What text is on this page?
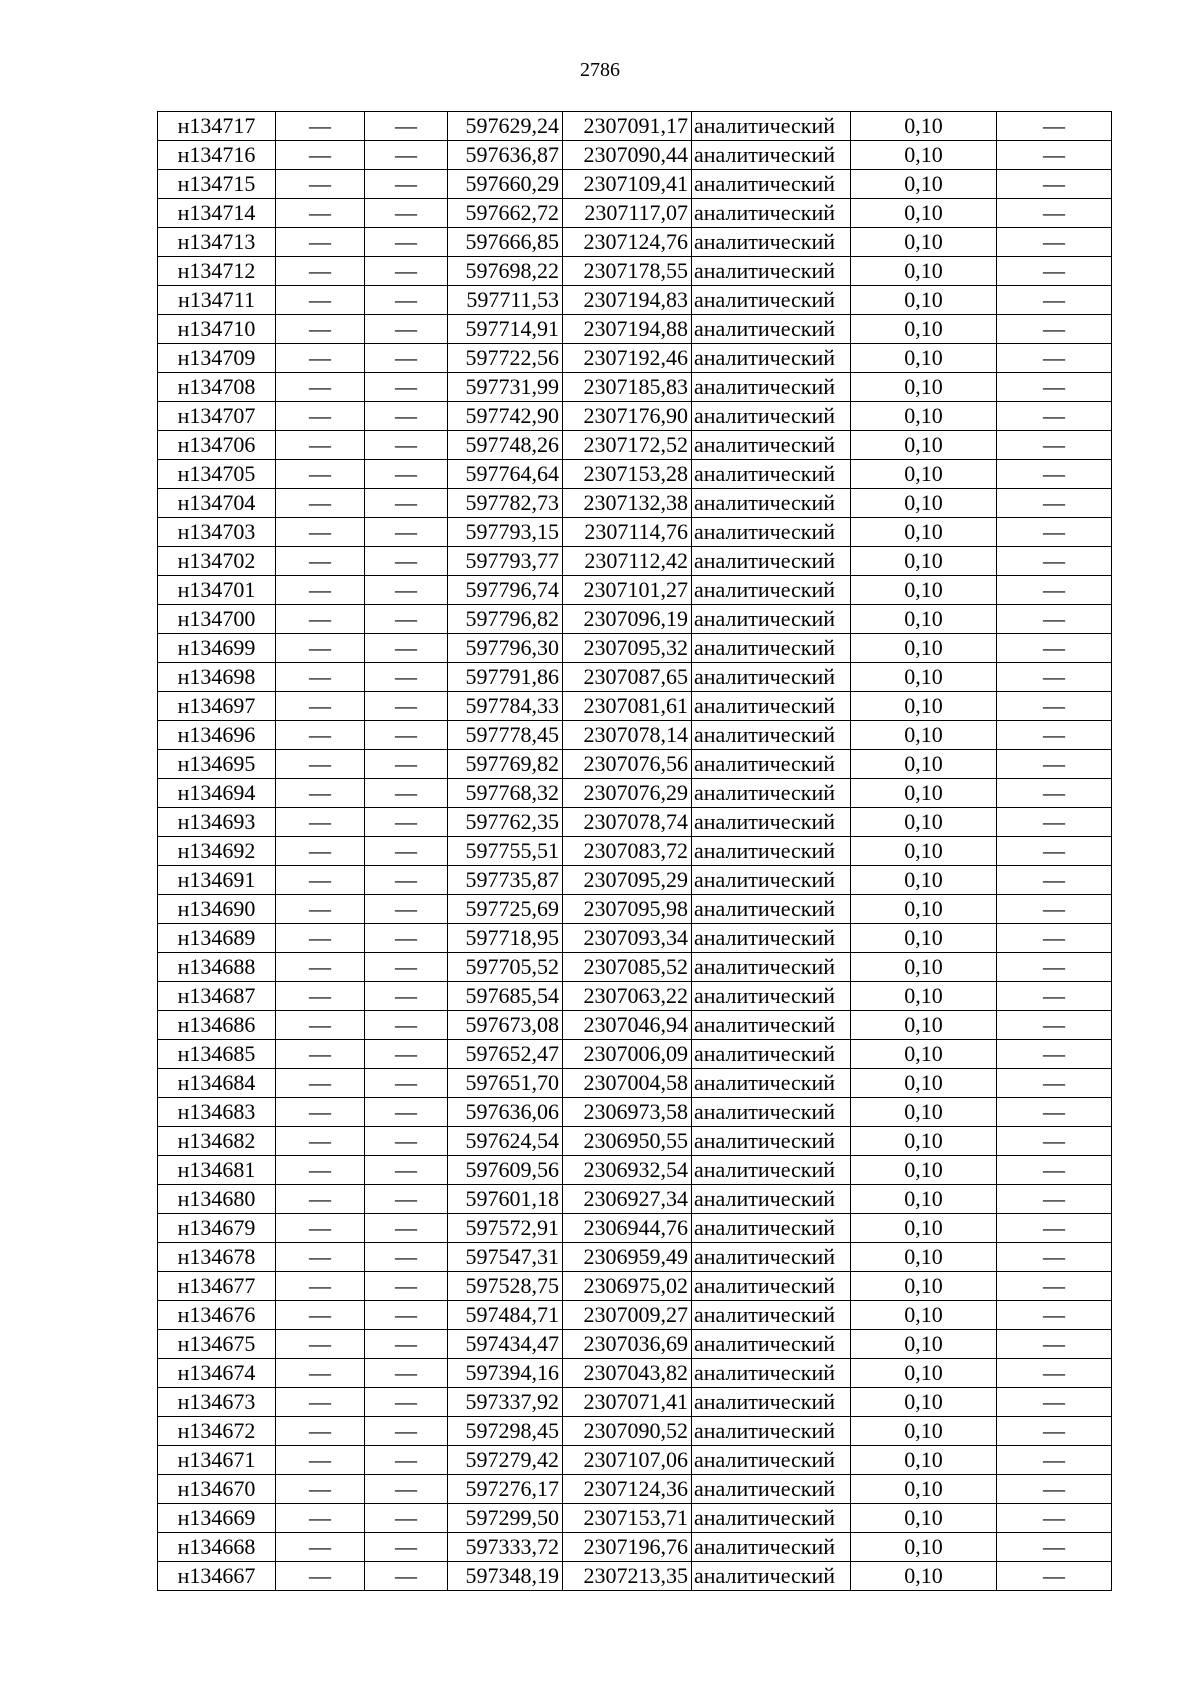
2786
н134717	—	—	597629,24	2307091,17	аналитический	0,10	—
н134716	—	—	597636,87	2307090,44	аналитический	0,10	—
н134715	—	—	597660,29	2307109,41	аналитический	0,10	—
н134714	—	—	597662,72	2307117,07	аналитический	0,10	—
н134713	—	—	597666,85	2307124,76	аналитический	0,10	—
н134712	—	—	597698,22	2307178,55	аналитический	0,10	—
н134711	—	—	597711,53	2307194,83	аналитический	0,10	—
н134710	—	—	597714,91	2307194,88	аналитический	0,10	—
н134709	—	—	597722,56	2307192,46	аналитический	0,10	—
н134708	—	—	597731,99	2307185,83	аналитический	0,10	—
н134707	—	—	597742,90	2307176,90	аналитический	0,10	—
н134706	—	—	597748,26	2307172,52	аналитический	0,10	—
н134705	—	—	597764,64	2307153,28	аналитический	0,10	—
н134704	—	—	597782,73	2307132,38	аналитический	0,10	—
н134703	—	—	597793,15	2307114,76	аналитический	0,10	—
н134702	—	—	597793,77	2307112,42	аналитический	0,10	—
н134701	—	—	597796,74	2307101,27	аналитический	0,10	—
н134700	—	—	597796,82	2307096,19	аналитический	0,10	—
н134699	—	—	597796,30	2307095,32	аналитический	0,10	—
н134698	—	—	597791,86	2307087,65	аналитический	0,10	—
н134697	—	—	597784,33	2307081,61	аналитический	0,10	—
н134696	—	—	597778,45	2307078,14	аналитический	0,10	—
н134695	—	—	597769,82	2307076,56	аналитический	0,10	—
н134694	—	—	597768,32	2307076,29	аналитический	0,10	—
н134693	—	—	597762,35	2307078,74	аналитический	0,10	—
н134692	—	—	597755,51	2307083,72	аналитический	0,10	—
н134691	—	—	597735,87	2307095,29	аналитический	0,10	—
н134690	—	—	597725,69	2307095,98	аналитический	0,10	—
н134689	—	—	597718,95	2307093,34	аналитический	0,10	—
н134688	—	—	597705,52	2307085,52	аналитический	0,10	—
н134687	—	—	597685,54	2307063,22	аналитический	0,10	—
н134686	—	—	597673,08	2307046,94	аналитический	0,10	—
н134685	—	—	597652,47	2307006,09	аналитический	0,10	—
н134684	—	—	597651,70	2307004,58	аналитический	0,10	—
н134683	—	—	597636,06	2306973,58	аналитический	0,10	—
н134682	—	—	597624,54	2306950,55	аналитический	0,10	—
н134681	—	—	597609,56	2306932,54	аналитический	0,10	—
н134680	—	—	597601,18	2306927,34	аналитический	0,10	—
н134679	—	—	597572,91	2306944,76	аналитический	0,10	—
н134678	—	—	597547,31	2306959,49	аналитический	0,10	—
н134677	—	—	597528,75	2306975,02	аналитический	0,10	—
н134676	—	—	597484,71	2307009,27	аналитический	0,10	—
н134675	—	—	597434,47	2307036,69	аналитический	0,10	—
н134674	—	—	597394,16	2307043,82	аналитический	0,10	—
н134673	—	—	597337,92	2307071,41	аналитический	0,10	—
н134672	—	—	597298,45	2307090,52	аналитический	0,10	—
н134671	—	—	597279,42	2307107,06	аналитический	0,10	—
н134670	—	—	597276,17	2307124,36	аналитический	0,10	—
н134669	—	—	597299,50	2307153,71	аналитический	0,10	—
н134668	—	—	597333,72	2307196,76	аналитический	0,10	—
н134667	—	—	597348,19	2307213,35	аналитический	0,10	—
